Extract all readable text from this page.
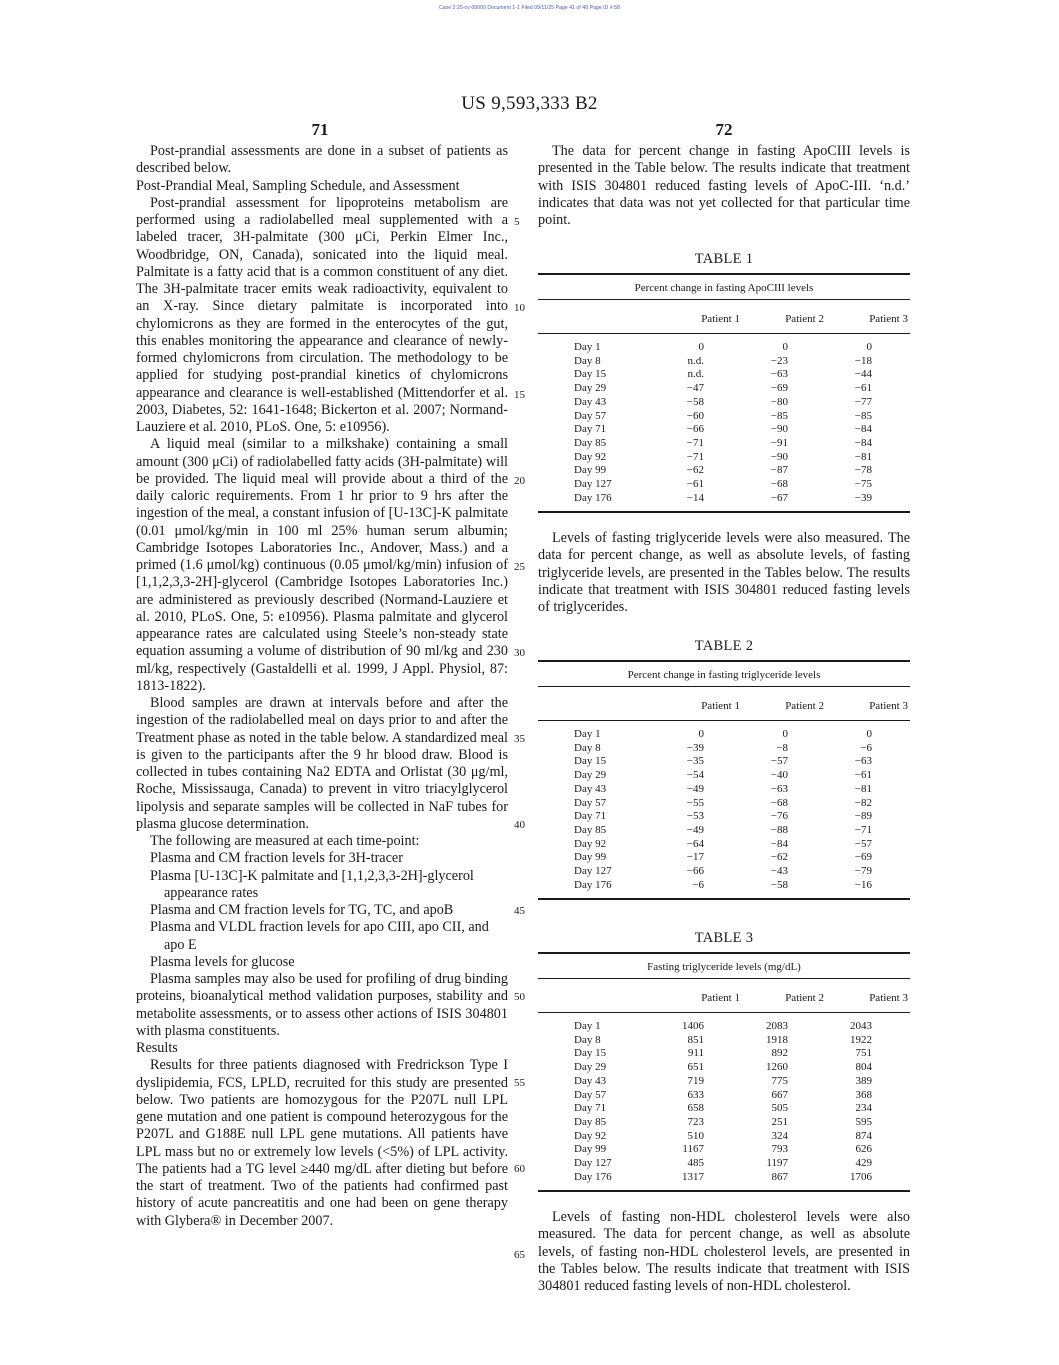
Case 2:25-cv-00000 Document 1-1 Filed 09/11/25 Page 41 of 48 Page ID #:58
US 9,593,333 B2
71	72

Post-prandial assessments are done in a subset of patients as described below.

Post-Prandial Meal, Sampling Schedule, and Assessment

Post-prandial assessment for lipoproteins metabolism are performed using a radiolabelled meal supplemented with a labeled tracer, 3H-palmitate (300 μCi, Perkin Elmer Inc., Woodbridge, ON, Canada), sonicated into the liquid meal. Palmitate is a fatty acid that is a common constituent of any diet. The 3H-palmitate tracer emits weak radioactivity, equivalent to an X-ray. Since dietary palmitate is incorporated into chylomicrons as they are formed in the enterocytes of the gut, this enables monitoring the appearance and clearance of newly-formed chylomicrons from circulation. The methodology to be applied for studying post-prandial kinetics of chylomicrons appearance and clearance is well-established (Mittendorfer et al. 2003, Diabetes, 52: 1641-1648; Bickerton et al. 2007; Normand-Lauziere et al. 2010, PLoS. One, 5: e10956).

A liquid meal (similar to a milkshake) containing a small amount (300 μCi) of radiolabelled fatty acids (3H-palmitate) will be provided. The liquid meal will provide about a third of the daily caloric requirements. From 1 hr prior to 9 hrs after the ingestion of the meal, a constant infusion of [U-13C]-K palmitate (0.01 μmol/kg/min in 100 ml 25% human serum albumin; Cambridge Isotopes Laboratories Inc., Andover, Mass.) and a primed (1.6 μmol/kg) continuous (0.05 μmol/kg/min) infusion of [1,1,2,3,3-2H]-glycerol (Cambridge Isotopes Laboratories Inc.) are administered as previously described (Normand-Lauziere et al. 2010, PLoS. One, 5: e10956). Plasma palmitate and glycerol appearance rates are calculated using Steele’s non-steady state equation assuming a volume of distribution of 90 ml/kg and 230 ml/kg, respectively (Gastaldelli et al. 1999, J Appl. Physiol, 87: 1813-1822).

Blood samples are drawn at intervals before and after the ingestion of the radiolabelled meal on days prior to and after the Treatment phase as noted in the table below. A standardized meal is given to the participants after the 9 hr blood draw. Blood is collected in tubes containing Na2 EDTA and Orlistat (30 μg/ml, Roche, Mississauga, Canada) to prevent in vitro triacylglycerol lipolysis and separate samples will be collected in NaF tubes for plasma glucose determination.

The following are measured at each time-point:

Plasma and CM fraction levels for 3H-tracer

Plasma [U-13C]-K palmitate and [1,1,2,3,3-2H]-glycerol appearance rates

Plasma and CM fraction levels for TG, TC, and apoB

Plasma and VLDL fraction levels for apo CIII, apo CII, and apo E

Plasma levels for glucose

Plasma samples may also be used for profiling of drug binding proteins, bioanalytical method validation purposes, stability and metabolite assessments, or to assess other actions of ISIS 304801 with plasma constituents.

Results

Results for three patients diagnosed with Fredrickson Type I dyslipidemia, FCS, LPLD, recruited for this study are presented below. Two patients are homozygous for the P207L null LPL gene mutation and one patient is compound heterozygous for the P207L and G188E null LPL gene mutations. All patients have LPL mass but no or extremely low levels (<5%) of LPL activity. The patients had a TG level ≥440 mg/dL after dieting but before the start of treatment. Two of the patients had confirmed past history of acute pancreatitis and one had been on gene therapy with Glybera® in December 2007.

5
10
15
20
25
30
35
40
45
50
55
60
65

The data for percent change in fasting ApoCIII levels is presented in the Table below. The results indicate that treatment with ISIS 304801 reduced fasting levels of ApoC-III. ‘n.d.’ indicates that data was not yet collected for that particular time point.

Levels of fasting triglyceride levels were also measured. The data for percent change, as well as absolute levels, of fasting triglyceride levels, are presented in the Tables below. The results indicate that treatment with ISIS 304801 reduced fasting levels of triglycerides.

Levels of fasting non-HDL cholesterol levels were also measured. The data for percent change, as well as absolute levels, of fasting non-HDL cholesterol levels, are presented in the Tables below. The results indicate that treatment with ISIS 304801 reduced fasting levels of non-HDL cholesterol.

TABLE 1
Percent change in fasting ApoCIII levels
Patient 1	Patient 2	Patient 3
Day 1	0	0	0
Day 8	n.d.	−23	−18
Day 15	n.d.	−63	−44
Day 29	−47	−69	−61
Day 43	−58	−80	−77
Day 57	−60	−85	−85
Day 71	−66	−90	−84
Day 85	−71	−91	−84
Day 92	−71	−90	−81
Day 99	−62	−87	−78
Day 127	−61	−68	−75
Day 176	−14	−67	−39
TABLE 2
Percent change in fasting triglyceride levels
Patient 1	Patient 2	Patient 3
Day 1	0	0	0
Day 8	−39	−8	−6
Day 15	−35	−57	−63
Day 29	−54	−40	−61
Day 43	−49	−63	−81
Day 57	−55	−68	−82
Day 71	−53	−76	−89
Day 85	−49	−88	−71
Day 92	−64	−84	−57
Day 99	−17	−62	−69
Day 127	−66	−43	−79
Day 176	−6	−58	−16
TABLE 3
Fasting triglyceride levels (mg/dL)
Patient 1	Patient 2	Patient 3
Day 1	1406	2083	2043
Day 8	851	1918	1922
Day 15	911	892	751
Day 29	651	1260	804
Day 43	719	775	389
Day 57	633	667	368
Day 71	658	505	234
Day 85	723	251	595
Day 92	510	324	874
Day 99	1167	793	626
Day 127	485	1197	429
Day 176	1317	867	1706
